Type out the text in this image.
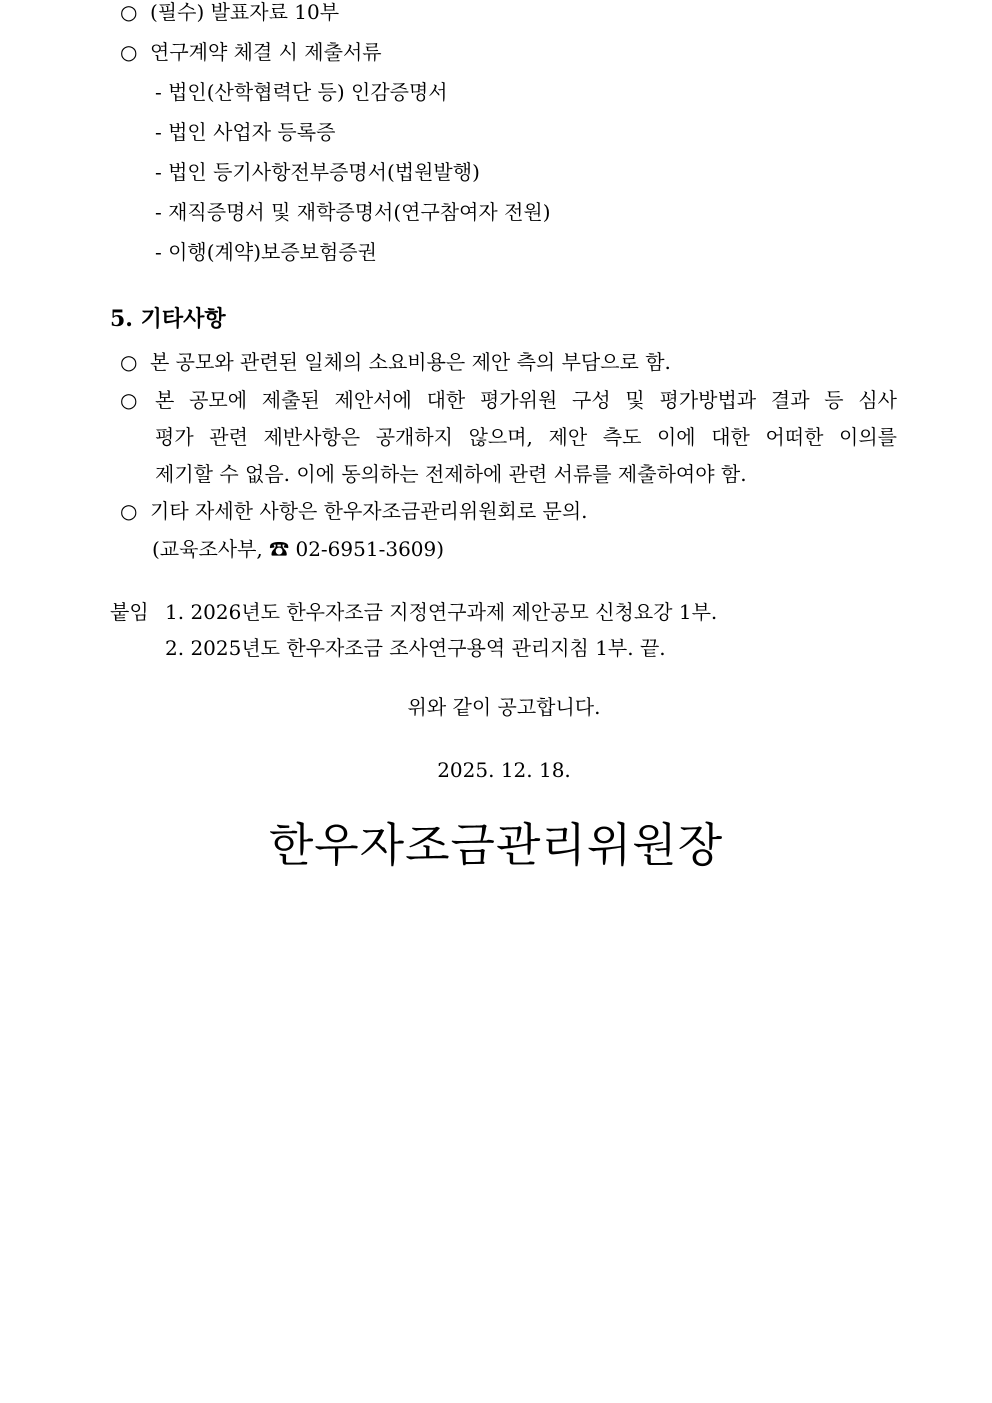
○ (필수) 발표자료 10부
○ 연구계약 체결 시 제출서류
- 법인(산학협력단 등) 인감증명서
- 법인 사업자 등록증
- 법인 등기사항전부증명서(법원발행)
- 재직증명서 및 재학증명서(연구참여자 전원)
- 이행(계약)보증보험증권
5. 기타사항
○ 본 공모와 관련된 일체의 소요비용은 제안 측의 부담으로 함.
○ 본 공모에 제출된 제안서에 대한 평가위원 구성 및 평가방법과 결과 등 심사
평가 관련 제반사항은 공개하지 않으며, 제안 측도 이에 대한 어떠한 이의를
제기할 수 없음. 이에 동의하는 전제하에 관련 서류를 제출하여야 함.
○ 기타 자세한 사항은 한우자조금관리위원회로 문의.
(교육조사부, ☎ 02-6951-3609)
붙임 1. 2026년도 한우자조금 지정연구과제 제안공모 신청요강 1부.
2. 2025년도 한우자조금 조사연구용역 관리지침 1부. 끝.
위와 같이 공고합니다.
2025. 12. 18.
한우자조금관리위원장
